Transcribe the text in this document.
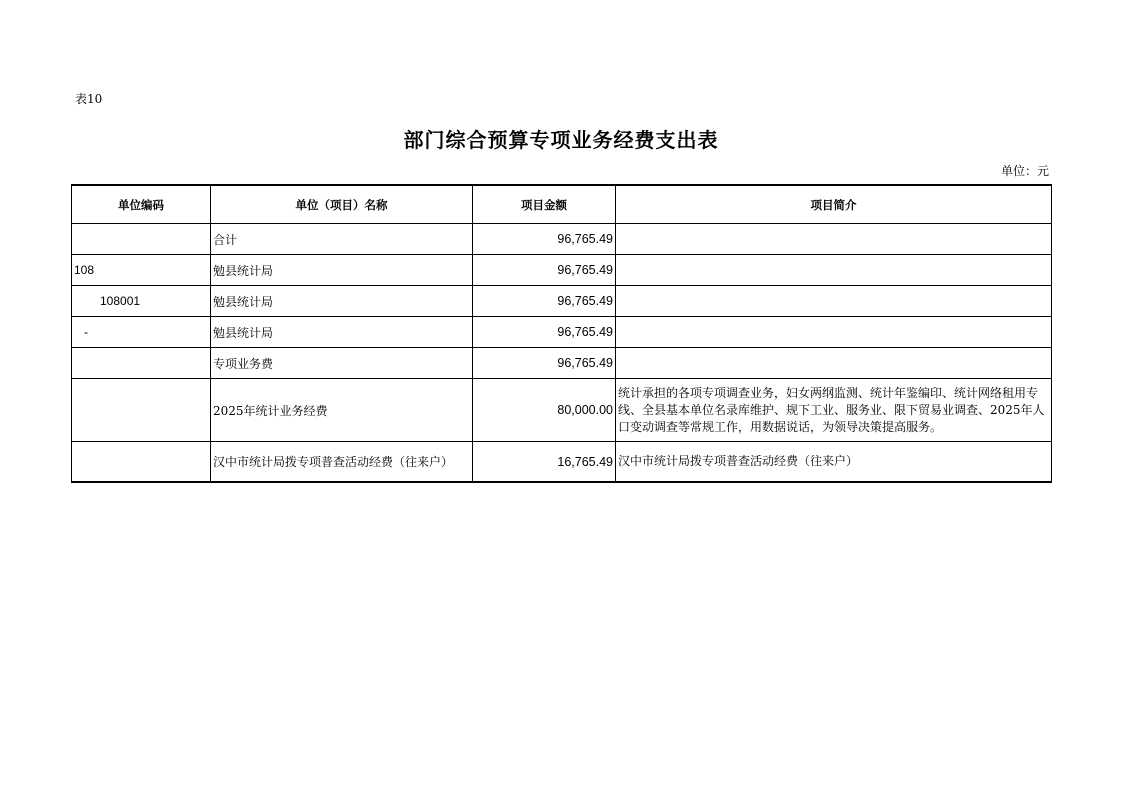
表10
部门综合预算专项业务经费支出表
单位：元
单位编码	单位（项目）名称	项目金额	项目简介
	合计	96,765.49	
108	勉县统计局	96,765.49	
108001	勉县统计局	96,765.49	
-	勉县统计局	96,765.49	
	专项业务费	96,765.49	
	2025年统计业务经费	80,000.00	统计承担的各项专项调查业务，妇女两纲监测、统计年鉴编印、统计网络租用专线、全县基本单位名录库维护、规下工业、服务业、限下贸易业调查、2025年人口变动调查等常规工作，用数据说话，为领导决策提高服务。
	汉中市统计局拨专项普查活动经费（往来户）	16,765.49	汉中市统计局拨专项普查活动经费（往来户）
